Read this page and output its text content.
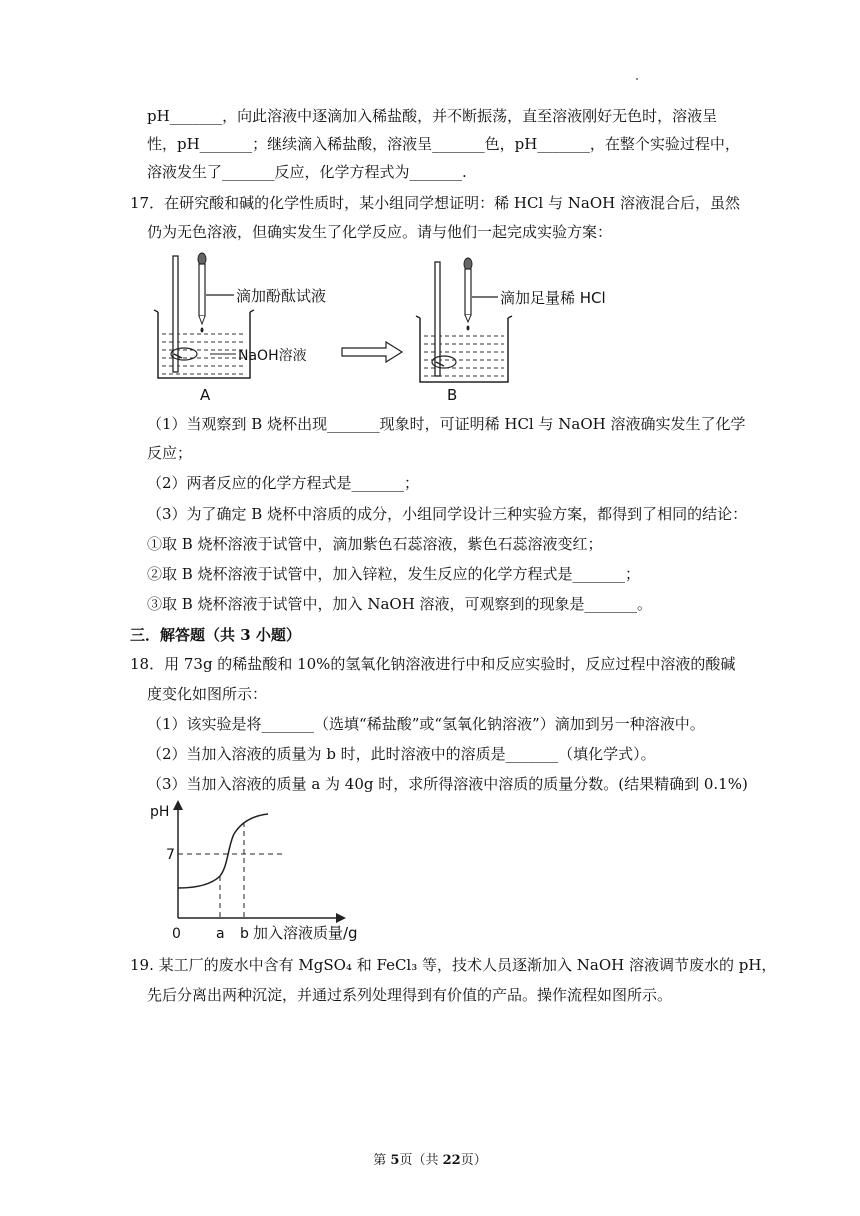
pH_______，向此溶液中逐滴加入稀盐酸，并不断振荡，直至溶液刚好无色时，溶液呈
性，pH_______；继续滴入稀盐酸，溶液呈_______色，pH_______，在整个实验过程中，
溶液发生了_______反应，化学方程式为_______.
17．在研究酸和碱的化学性质时，某小组同学想证明：稀 HCl 与 NaOH 溶液混合后，虽然
仍为无色溶液，但确实发生了化学反应。请与他们一起完成实验方案：
滴加酚酞试液
NaOH溶液
A
滴加足量稀 HCl
B
（1）当观察到 B 烧杯出现_______现象时，可证明稀 HCl 与 NaOH 溶液确实发生了化学
反应；
（2）两者反应的化学方程式是_______；
（3）为了确定 B 烧杯中溶质的成分，小组同学设计三种实验方案，都得到了相同的结论：
①取 B 烧杯溶液于试管中，滴加紫色石蕊溶液，紫色石蕊溶液变红；
②取 B 烧杯溶液于试管中，加入锌粒，发生反应的化学方程式是_______；
③取 B 烧杯溶液于试管中，加入 NaOH 溶液，可观察到的现象是_______。
三．解答题（共 3 小题）
18．用 73g 的稀盐酸和 10%的氢氧化钠溶液进行中和反应实验时，反应过程中溶液的酸碱
度变化如图所示：
（1）该实验是将_______（选填“稀盐酸”或“氢氧化钠溶液”）滴加到另一种溶液中。
（2）当加入溶液的质量为 b 时，此时溶液中的溶质是_______（填化学式）。
（3）当加入溶液的质量 a 为 40g 时，求所得溶液中溶质的质量分数。(结果精确到 0.1%)
pH
7
0	a b 加入溶液质量/g
19. 某工厂的废水中含有 MgSO₄ 和 FeCl₃ 等，技术人员逐渐加入 NaOH 溶液调节废水的 pH，
先后分离出两种沉淀，并通过系列处理得到有价值的产品。操作流程如图所示。
第 5页（共 22页）
